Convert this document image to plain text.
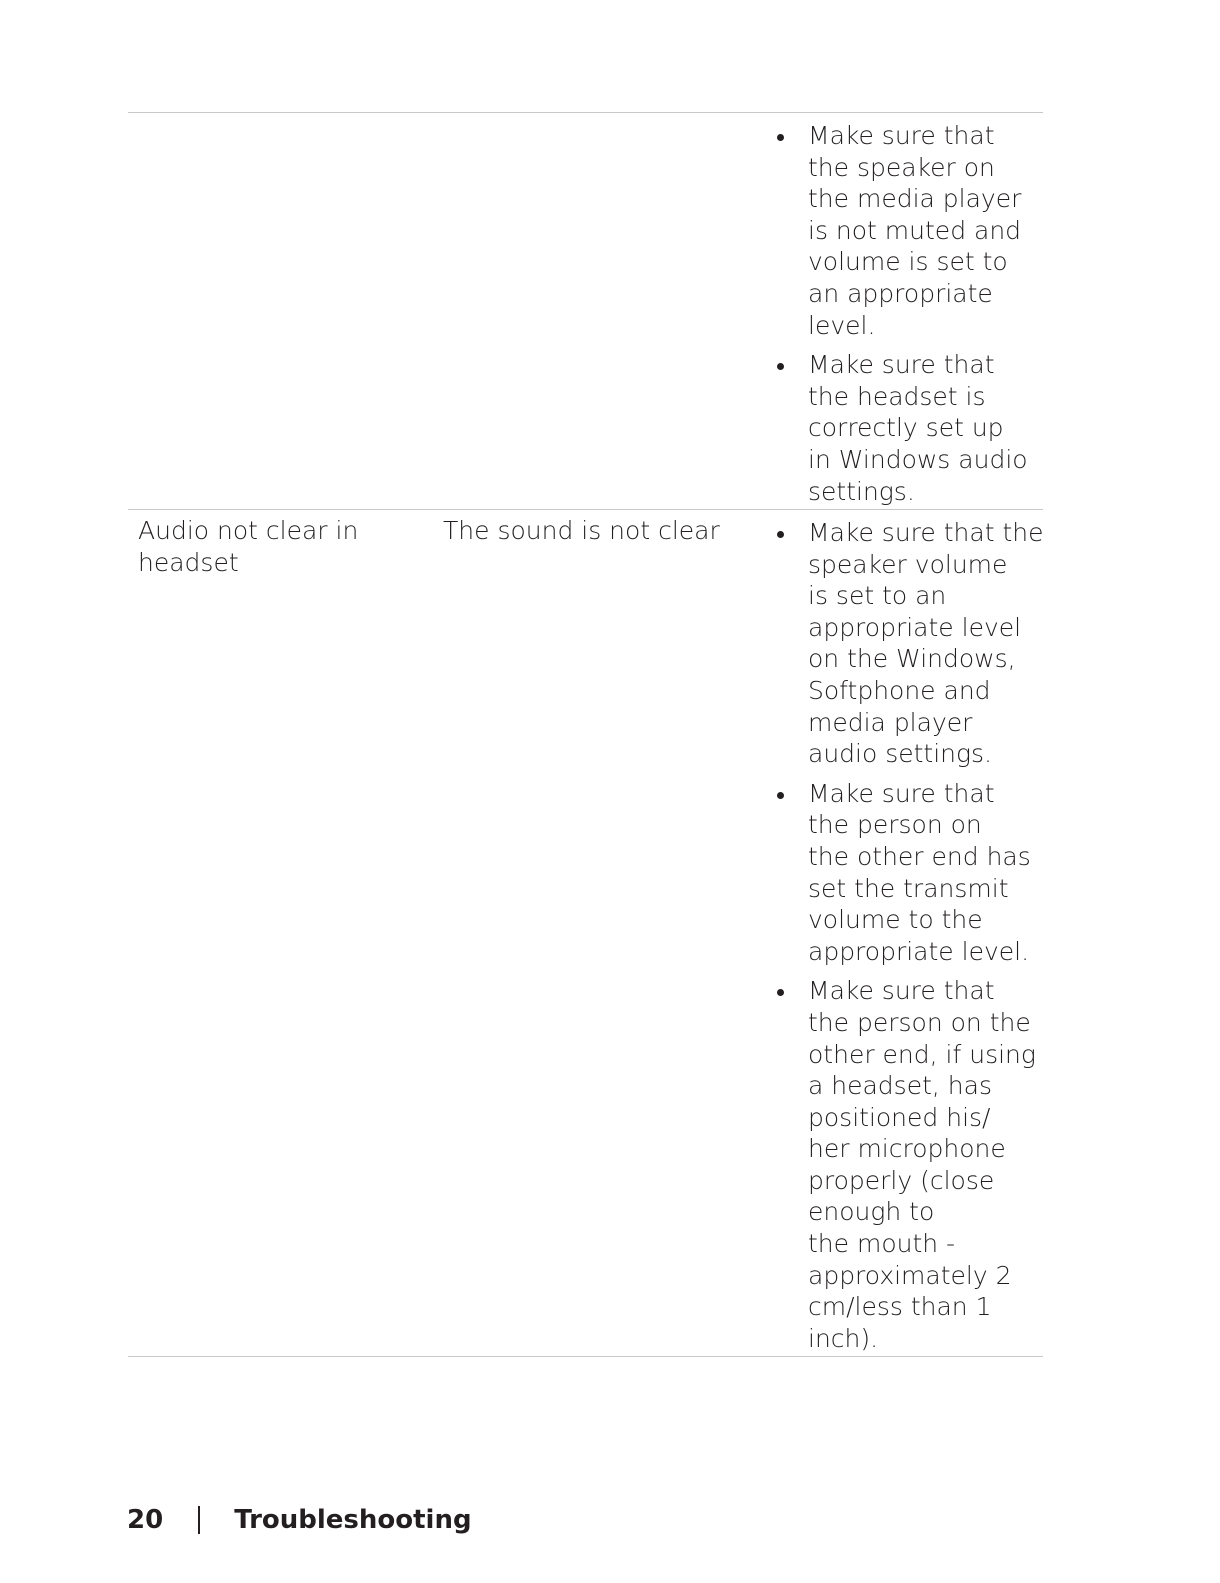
Make sure that
the speaker on
the media player
is not muted and
volume is set to
an appropriate
level.
Make sure that
the headset is
correctly set up
in Windows audio
settings.
Audio not clear in
headset
The sound is not clear	Make sure that the
speaker volume
is set to an
appropriate level
on the Windows,
Softphone and
media player
audio settings.
Make sure that
the person on
the other end has
set the transmit
volume to the
appropriate level.
Make sure that
the person on the
other end, if using
a headset, has
positioned his/
her microphone
properly (close
enough to
the mouth -
approximately 2
cm/less than 1
inch).
20	Troubleshooting
